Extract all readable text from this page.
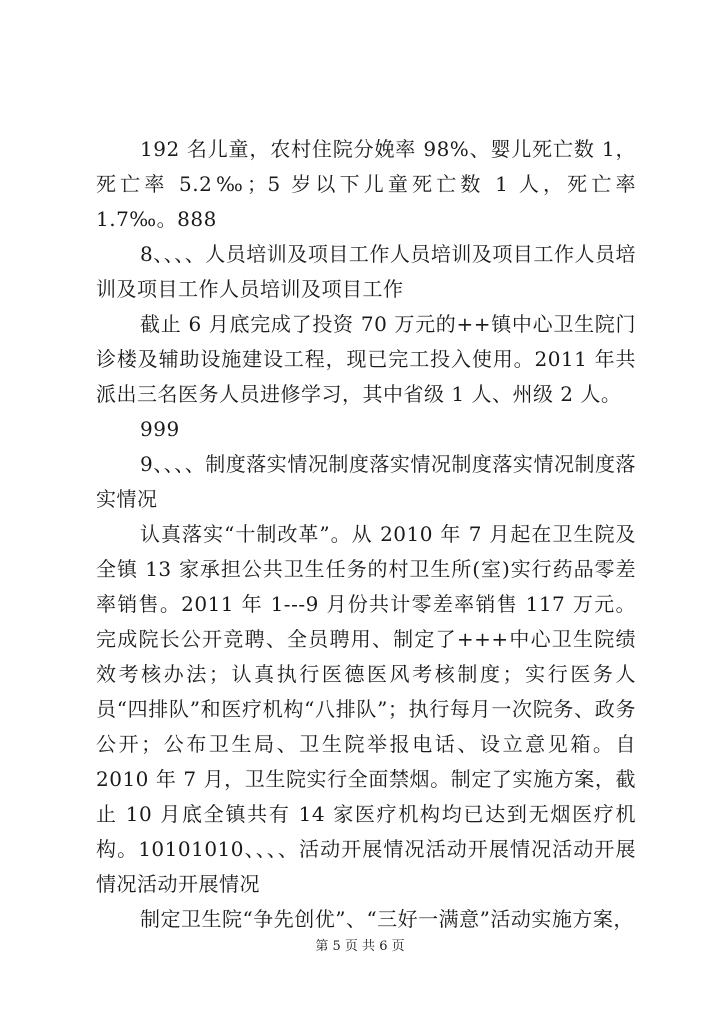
192 名儿童，农村住院分娩率 98%、婴儿死亡数 1，死亡率 5.2‰；5 岁以下儿童死亡数 1 人，死亡率 1.7‰。888

8、、、、人员培训及项目工作人员培训及项目工作人员培训及项目工作人员培训及项目工作

截止 6 月底完成了投资 70 万元的++镇中心卫生院门诊楼及辅助设施建设工程，现已完工投入使用。2011 年共派出三名医务人员进修学习，其中省级 1 人、州级 2 人。

999

9、、、、制度落实情况制度落实情况制度落实情况制度落实情况

认真落实“十制改革”。从 2010 年 7 月起在卫生院及全镇 13 家承担公共卫生任务的村卫生所(室)实行药品零差率销售。2011 年 1---9 月份共计零差率销售 117 万元。完成院长公开竞聘、全员聘用、制定了+++中心卫生院绩效考核办法；认真执行医德医风考核制度；实行医务人员“四排队”和医疗机构“八排队”；执行每月一次院务、政务公开；公布卫生局、卫生院举报电话、设立意见箱。自 2010 年 7 月，卫生院实行全面禁烟。制定了实施方案，截止 10 月底全镇共有 14 家医疗机构均已达到无烟医疗机构。10101010、、、、活动开展情况活动开展情况活动开展情况活动开展情况

制定卫生院“争先创优”、“三好一满意”活动实施方案，

第 5 页 共 6 页
